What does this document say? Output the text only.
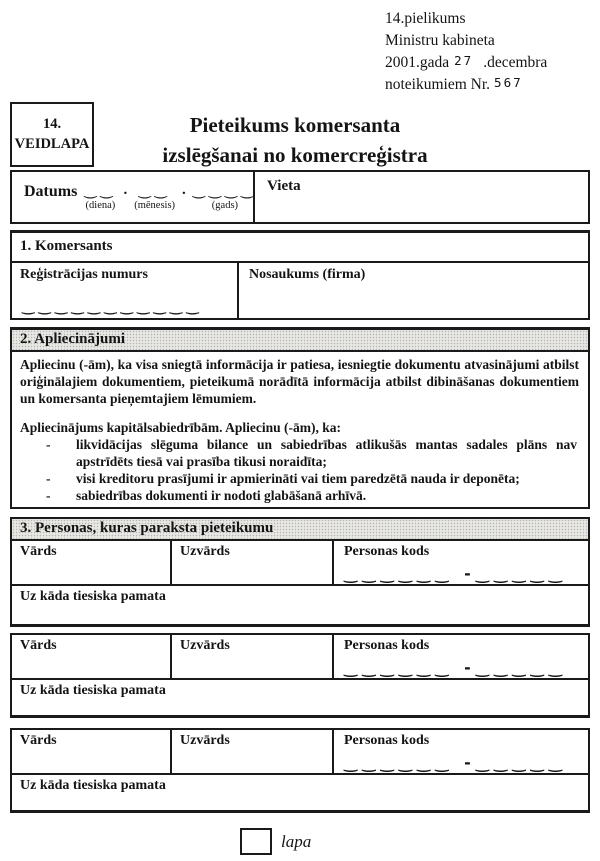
14.pielikums
Ministru kabineta
2001.gada 27 .decembra
noteikumiem Nr. 567
14.
VEIDLAPA
Pieteikums komersanta
izslēgšanai no komercreģistra
Datums ‿‿
(diena)
. ‿‿
(mēnesis)
. ‿‿‿‿
(gads)
Vieta
1. Komersants
Reģistrācijas numurs
‿‿‿‿‿‿‿‿‿‿‿
Nosaukums (firma)
2. Apliecinājumi

Apliecinu (-ām), ka visa sniegtā informācija ir patiesa, iesniegtie dokumentu atvasinājumi atbilst oriģinālajiem dokumentiem, pieteikumā norādītā informācija atbilst dibināšanas dokumentiem un komersanta pieņemtajiem lēmumiem.

Apliecinājums kapitālsabiedrībām. Apliecinu (-ām), ka:

-	likvidācijas slēguma bilance un sabiedrības atlikušās mantas sadales plāns nav apstrīdēts tiesā vai prasība tikusi noraidīta;
-	visi kreditoru prasījumi ir apmierināti vai tiem paredzētā nauda ir deponēta;
-	sabiedrības dokumenti ir nodoti glabāšanā arhīvā.
3. Personas, kuras paraksta pieteikumu
Vārds	Uzvārds	Personas kods
‿‿‿‿‿‿ -‿‿‿‿‿
Uz kāda tiesiska pamata
Vārds	Uzvārds	Personas kods
‿‿‿‿‿‿ -‿‿‿‿‿
Uz kāda tiesiska pamata
Vārds	Uzvārds	Personas kods
‿‿‿‿‿‿ -‿‿‿‿‿
Uz kāda tiesiska pamata
lapa
